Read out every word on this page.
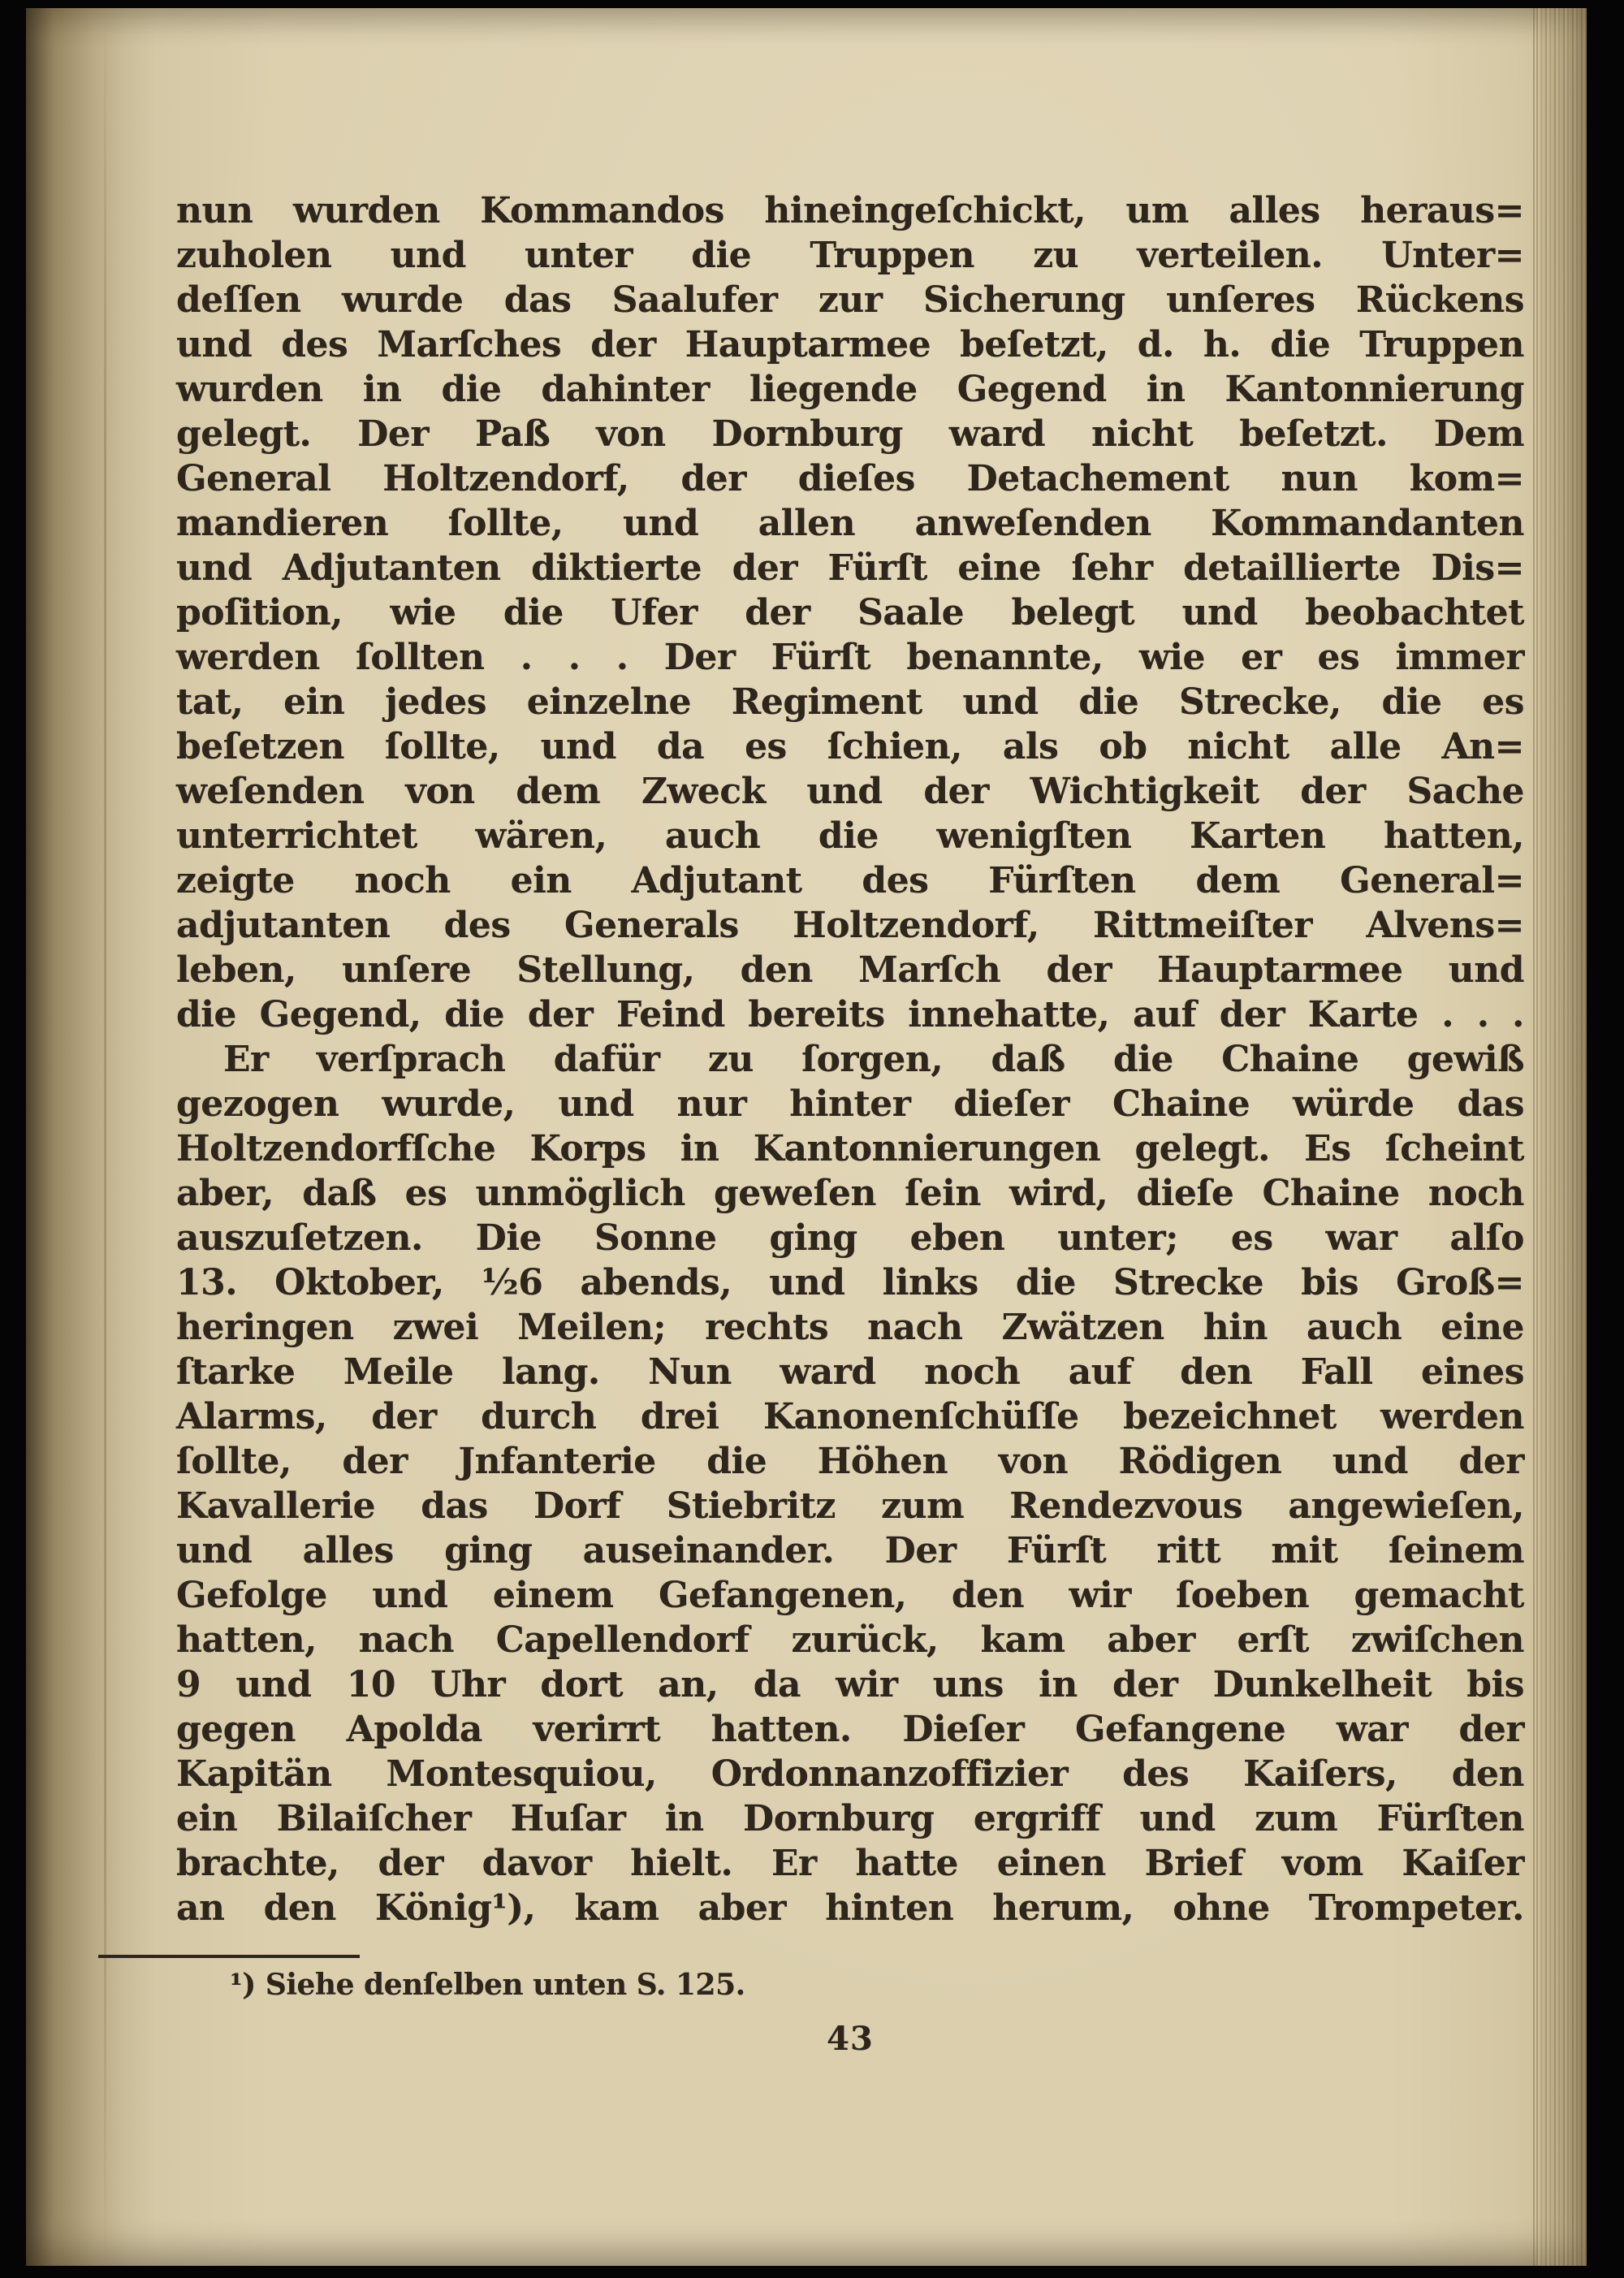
nun wurden Kommandos hineingeſchickt, um alles heraus=
zuholen und unter die Truppen zu verteilen. Unter=
deſſen wurde das Saalufer zur Sicherung unſeres Rückens
und des Marſches der Hauptarmee beſetzt, d. h. die Truppen
wurden in die dahinter liegende Gegend in Kantonnierung
gelegt. Der Paß von Dornburg ward nicht beſetzt. Dem
General Holtzendorf, der dieſes Detachement nun kom=
mandieren ſollte, und allen anweſenden Kommandanten
und Adjutanten diktierte der Fürſt eine ſehr detaillierte Dis=
poſition, wie die Ufer der Saale belegt und beobachtet
werden ſollten . . . Der Fürſt benannte, wie er es immer
tat, ein jedes einzelne Regiment und die Strecke, die es
beſetzen ſollte, und da es ſchien, als ob nicht alle An=
weſenden von dem Zweck und der Wichtigkeit der Sache
unterrichtet wären, auch die wenigſten Karten hatten,
zeigte noch ein Adjutant des Fürſten dem General=
adjutanten des Generals Holtzendorf, Rittmeiſter Alvens=
leben, unſere Stellung, den Marſch der Hauptarmee und
die Gegend, die der Feind bereits innehatte, auf der Karte . . .
Er verſprach dafür zu ſorgen, daß die Chaine gewiß
gezogen wurde, und nur hinter dieſer Chaine würde das
Holtzendorfſche Korps in Kantonnierungen gelegt. Es ſcheint
aber, daß es unmöglich geweſen ſein wird, dieſe Chaine noch
auszuſetzen. Die Sonne ging eben unter; es war alſo
13. Oktober, ½6 abends, und links die Strecke bis Groß=
heringen zwei Meilen; rechts nach Zwätzen hin auch eine
ſtarke Meile lang. Nun ward noch auf den Fall eines
Alarms, der durch drei Kanonenſchüſſe bezeichnet werden
ſollte, der Jnfanterie die Höhen von Rödigen und der
Kavallerie das Dorf Stiebritz zum Rendezvous angewieſen,
und alles ging auseinander. Der Fürſt ritt mit ſeinem
Gefolge und einem Gefangenen, den wir ſoeben gemacht
hatten, nach Capellendorf zurück, kam aber erſt zwiſchen
9 und 10 Uhr dort an, da wir uns in der Dunkelheit bis
gegen Apolda verirrt hatten. Dieſer Gefangene war der
Kapitän Montesquiou, Ordonnanzoffizier des Kaiſers, den
ein Bilaiſcher Huſar in Dornburg ergriff und zum Fürſten
brachte, der davor hielt. Er hatte einen Brief vom Kaiſer
an den König¹), kam aber hinten herum, ohne Trompeter.
¹) Siehe denſelben unten S. 125.
43
